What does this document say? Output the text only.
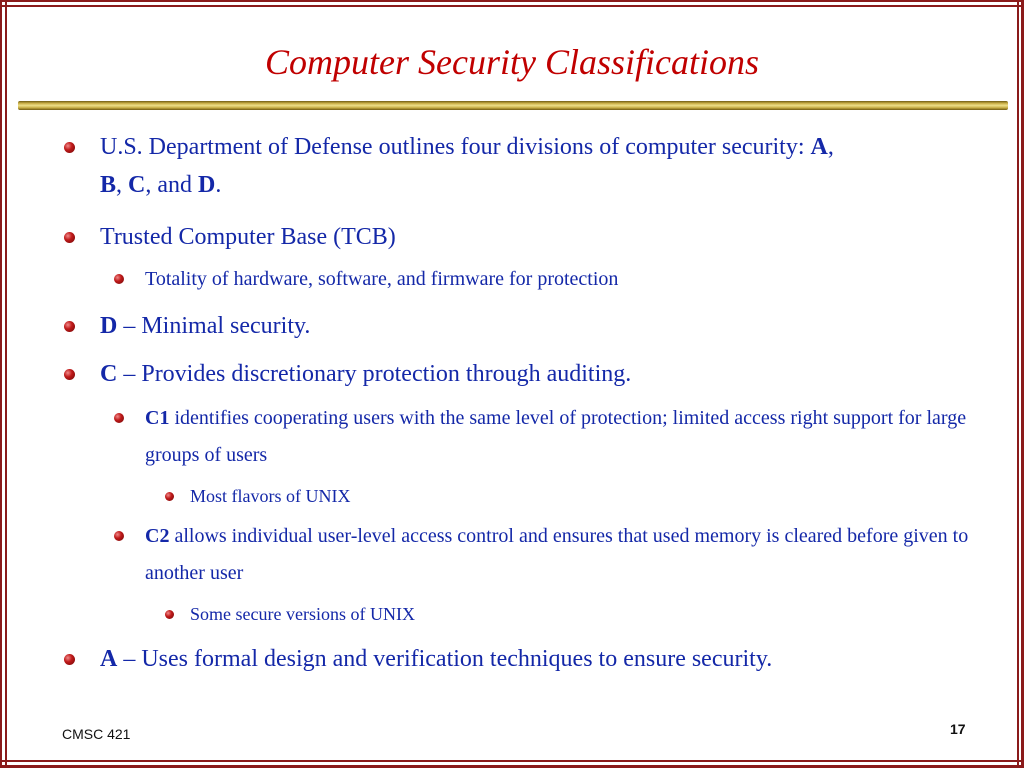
Computer Security Classifications

U.S. Department of Defense outlines four divisions of computer security: A,
B, C, and D.

Trusted Computer Base (TCB)

Totality of hardware, software, and firmware for protection

D – Minimal security.

C – Provides discretionary protection through auditing.

C1 identifies cooperating users with the same level of protection; limited access right support for large groups of users

Most flavors of UNIX

C2 allows individual user-level access control and ensures that used memory is cleared before given to another user

Some secure versions of UNIX

A – Uses formal design and verification techniques to ensure security.

CMSC 421	17
